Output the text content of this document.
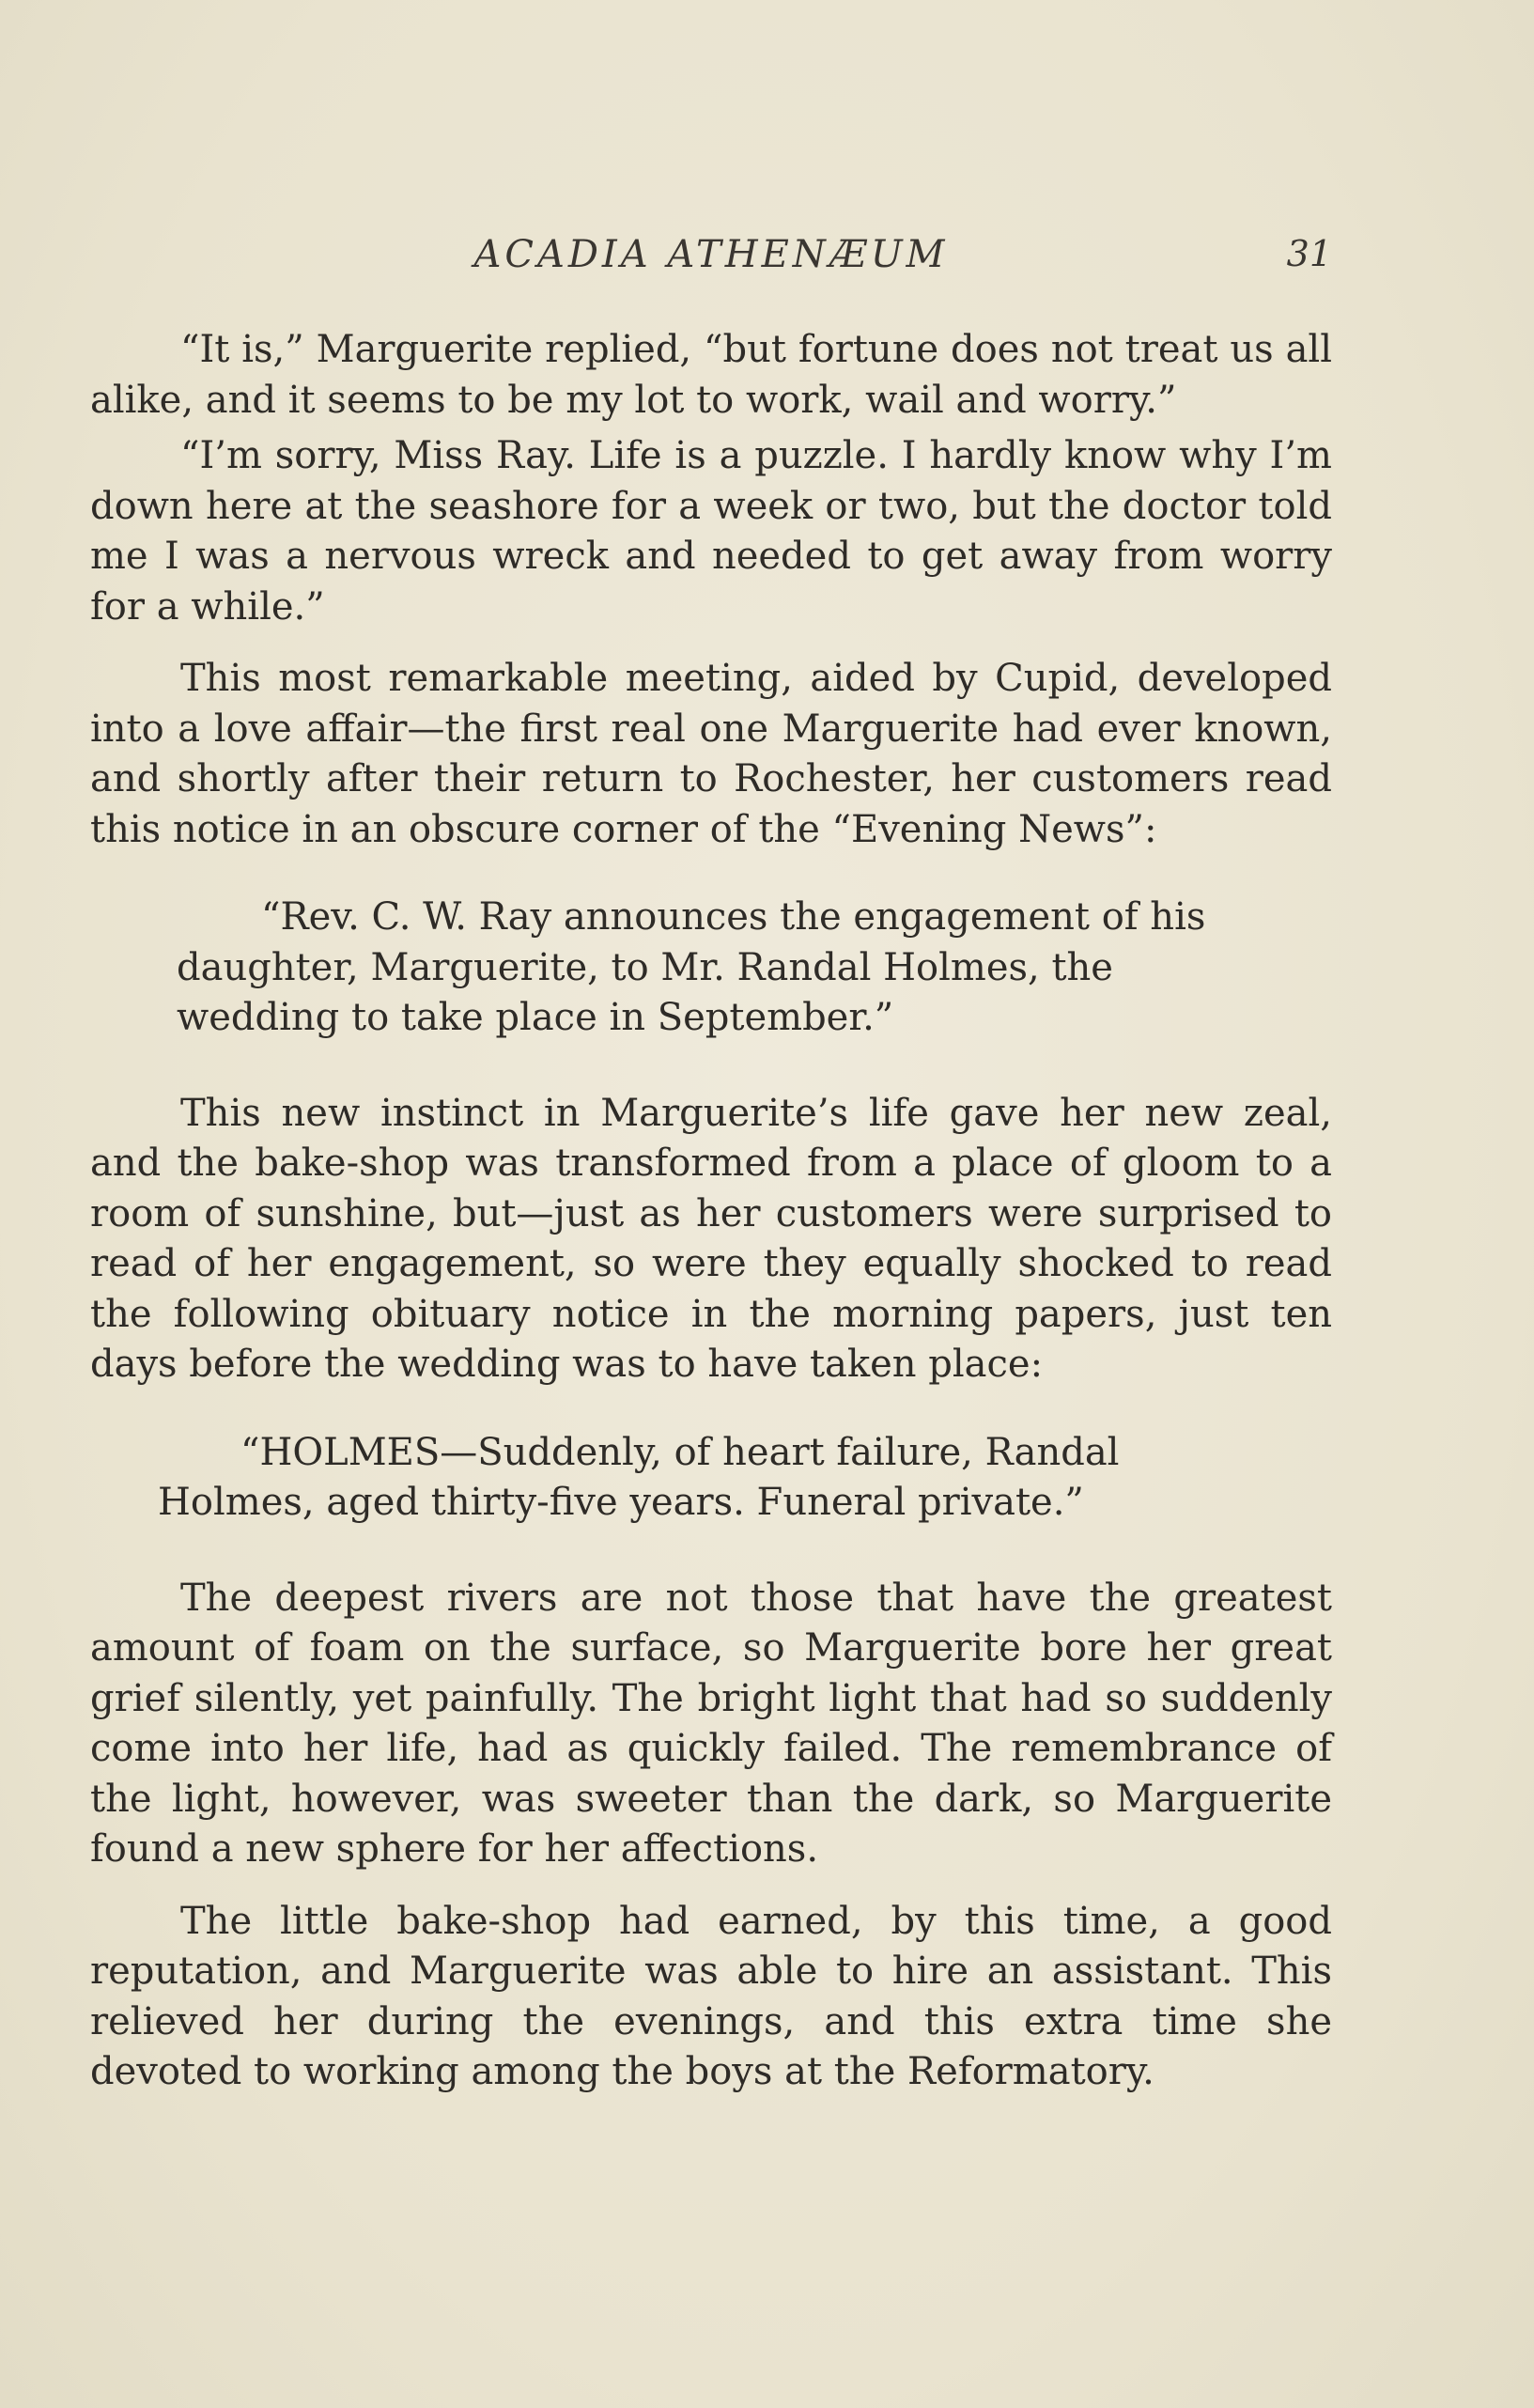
ACADIA ATHENÆUM	31

“It is,” Marguerite replied, “but fortune does not treat us all alike, and it seems to be my lot to work, wail and worry.”

“I’m sorry, Miss Ray. Life is a puzzle. I hardly know why I’m down here at the seashore for a week or two, but the doctor told me I was a nervous wreck and needed to get away from worry for a while.”

This most remarkable meeting, aided by Cupid, developed into a love affair—the first real one Marguerite had ever known, and shortly after their return to Rochester, her customers read this notice in an obscure corner of the “Evening News”:

“Rev. C. W. Ray announces the engagement of his daughter, Marguerite, to Mr. Randal Holmes, the wedding to take place in September.”

This new instinct in Marguerite’s life gave her new zeal, and the bake-shop was transformed from a place of gloom to a room of sunshine, but—just as her customers were surprised to read of her engagement, so were they equally shocked to read the following obituary notice in the morning papers, just ten days before the wedding was to have taken place:

“HOLMES—Suddenly, of heart failure, Randal Holmes, aged thirty-five years. Funeral private.”

The deepest rivers are not those that have the greatest amount of foam on the surface, so Marguerite bore her great grief silently, yet painfully. The bright light that had so suddenly come into her life, had as quickly failed. The remembrance of the light, however, was sweeter than the dark, so Marguerite found a new sphere for her affections.

The little bake-shop had earned, by this time, a good reputation, and Marguerite was able to hire an assistant. This relieved her during the evenings, and this extra time she devoted to working among the boys at the Reformatory.
